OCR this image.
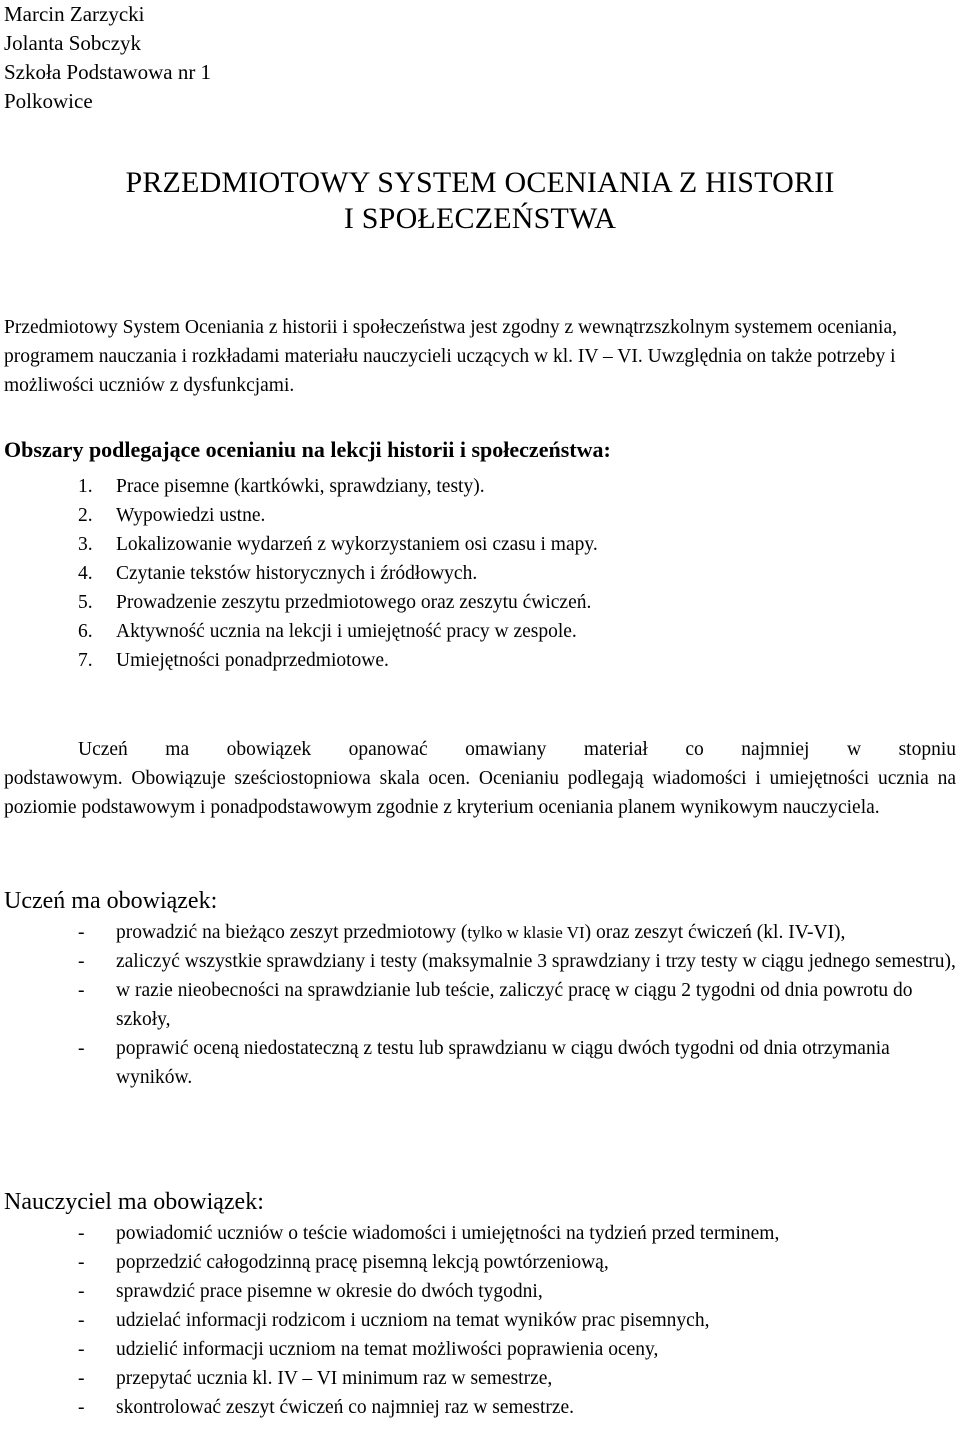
Marcin Zarzycki
Jolanta Sobczyk
Szkoła Podstawowa nr 1
Polkowice
PRZEDMIOTOWY SYSTEM OCENIANIA Z HISTORII
I SPOŁECZEŃSTWA
Przedmiotowy System Oceniania z historii i społeczeństwa jest zgodny z wewnątrzszkolnym systemem oceniania, programem nauczania i rozkładami materiału nauczycieli uczących w kl. IV – VI. Uwzględnia on także potrzeby i możliwości uczniów z dysfunkcjami.
Obszary podlegające ocenianiu na lekcji historii i społeczeństwa:
1. Prace pisemne (kartkówki, sprawdziany, testy).
2. Wypowiedzi ustne.
3. Lokalizowanie wydarzeń z wykorzystaniem osi czasu i mapy.
4. Czytanie tekstów historycznych i źródłowych.
5. Prowadzenie zeszytu przedmiotowego oraz zeszytu ćwiczeń.
6. Aktywność ucznia na lekcji i umiejętność pracy w zespole.
7. Umiejętności ponadprzedmiotowe.
Uczeń ma obowiązek opanować omawiany materiał co najmniej w stopniu
podstawowym. Obowiązuje sześciostopniowa skala ocen. Ocenianiu podlegają wiadomości i umiejętności ucznia na poziomie podstawowym i ponadpodstawowym zgodnie z kryterium oceniania planem wynikowym nauczyciela.
Uczeń ma obowiązek:
- prowadzić na bieżąco zeszyt przedmiotowy (tylko w klasie VI) oraz zeszyt ćwiczeń (kl. IV-VI),
- zaliczyć wszystkie sprawdziany i testy (maksymalnie 3 sprawdziany i trzy testy w ciągu jednego semestru),
- w razie nieobecności na sprawdzianie lub teście, zaliczyć pracę w ciągu 2 tygodni od dnia powrotu do szkoły,
- poprawić oceną niedostateczną z testu lub sprawdzianu w ciągu dwóch tygodni od dnia otrzymania wyników.
Nauczyciel ma obowiązek:
- powiadomić uczniów o teście wiadomości i umiejętności na tydzień przed terminem,
- poprzedzić całogodzinną pracę pisemną lekcją powtórzeniową,
- sprawdzić prace pisemne w okresie do dwóch tygodni,
- udzielać informacji rodzicom i uczniom na temat wyników prac pisemnych,
- udzielić informacji uczniom na temat możliwości poprawienia oceny,
- przepytać ucznia kl. IV – VI minimum raz w semestrze,
- skontrolować zeszyt ćwiczeń co najmniej raz w semestrze.
